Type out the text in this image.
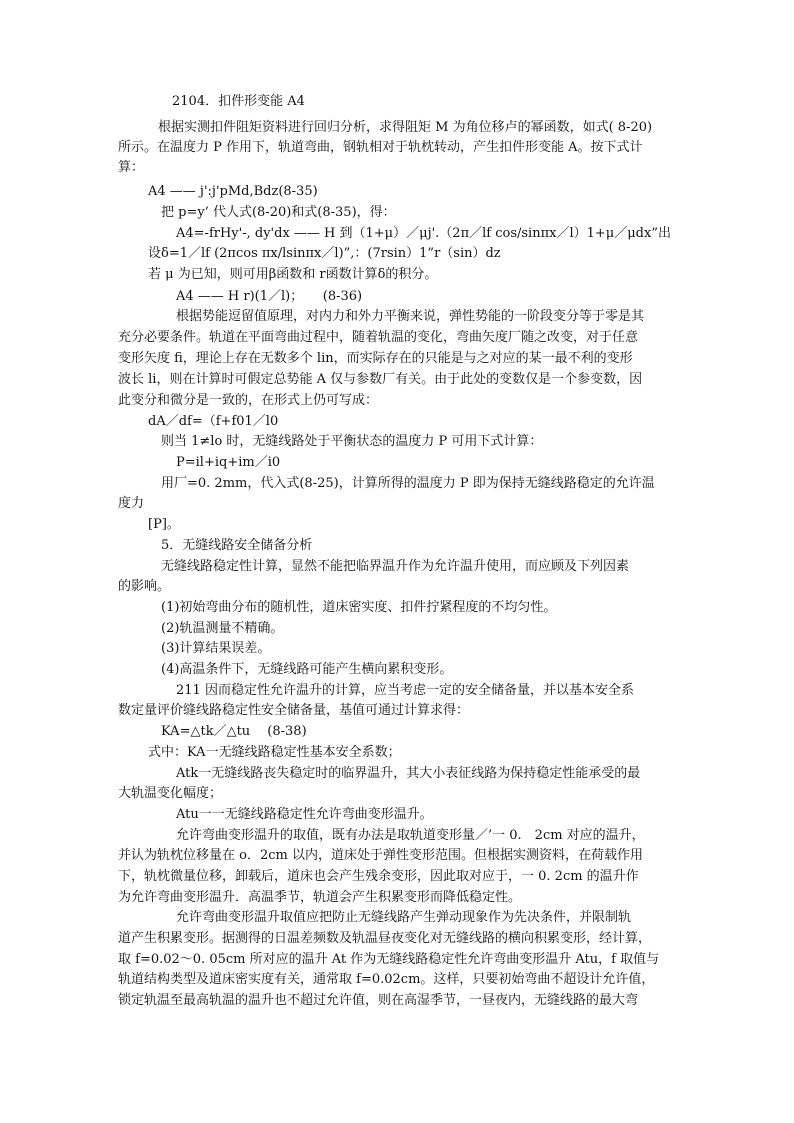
2104．扣件形变能 A4
根据实测扣件阻矩资料进行回归分析，求得阻矩 M 为角位移卢的幂函数，如式( 8-20)
所示。在温度力 P 作用下，轨道弯曲，钢轨相对于轨枕转动，产生扣件形变能 A。按下式计
算：
A4 —— j':j'pMd,Bdz(8-35)
把 p=y’ 代人式(8-20)和式(8-35)，得：
A4=-frHy'-, dy'dx —— H 到（1+μ）／μj'.（2π／lf cos/sinπx／l）1+μ／μdx”出
设δ=1／lf (2πcos πx/lsinπx／l)”,：(7rsin）1”r（sin）dz
若 μ 为已知，则可用β函数和 r函数计算δ的积分。
A4 —— H r)(1／l)；　　(8-36)
根据势能逗留值原理，对内力和外力平衡来说，弹性势能的一阶段变分等于零是其
充分必要条件。轨道在平面弯曲过程中，随着轨温的变化，弯曲矢度厂随之改变，对于任意
变形矢度 fi，理论上存在无数多个 lin，而实际存在的只能是与之对应的某一最不利的变形
波长 li，则在计算时可假定总势能 A 仅与参数厂有关。由于此处的变数仅是一个参变数，因
此变分和微分是一致的，在形式上仍可写成：
dA／df=（f+f01／l0
则当 1≠lo 时，无缝线路处于平衡状态的温度力 P 可用下式计算：
P=il+iq+im／i0
用厂=0. 2mm，代入式(8-25)，计算所得的温度力 P 即为保持无缝线路稳定的允许温
度力
[P]。
5．无缝线路安全储备分析
无缝线路稳定性计算，显然不能把临界温升作为允许温升使用，而应顾及下列因素
的影响。
(1)初始弯曲分布的随机性，道床密实度、扣件拧紧程度的不均匀性。
(2)轨温测量不精确。
(3)计算结果误差。
(4)高温条件下，无缝线路可能产生横向累积变形。
211 因而稳定性允许温升的计算，应当考虑一定的安全储备量，并以基本安全系
数定量评价缝线路稳定性安全储备量，基值可通过计算求得：
KA=△tk／△tu　 (8-38)
式中：KA一无缝线路稳定性基本安全系数；
Atk一无缝线路丧失稳定时的临界温升，其大小表征线路为保持稳定性能承受的最
大轨温变化幅度；
Atu一一无缝线路稳定性允许弯曲变形温升。
允许弯曲变形温升的取值，既有办法是取轨道变形量／’一 0.　2cm 对应的温升，
并认为轨枕位移量在 o．2cm 以内，道床处于弹性变形范围。但根据实测资料，在荷载作用
下，轨枕微量位移，卸载后，道床也会产生残余变形，因此取对应于，一 0. 2cm 的温升作
为允许弯曲变形温升．高温季节，轨道会产生积累变形而降低稳定性。
允许弯曲变形温升取值应把防止无缝线路产生弹动现象作为先决条件，并限制轨
道产生积累变形。据测得的日温差频数及轨温昼夜变化对无缝线路的横向积累变形，经计算，
取 f=0.02～0. 05cm 所对应的温升 At 作为无缝线路稳定性允许弯曲变形温升 Atu，f 取值与
轨道结构类型及道床密实度有关，通常取 f=0.02cm。这样，只要初始弯曲不超设计允许值，
锁定轨温至最高轨温的温升也不超过允许值，则在高湿季节，一昼夜内，无缝线路的最大弯
